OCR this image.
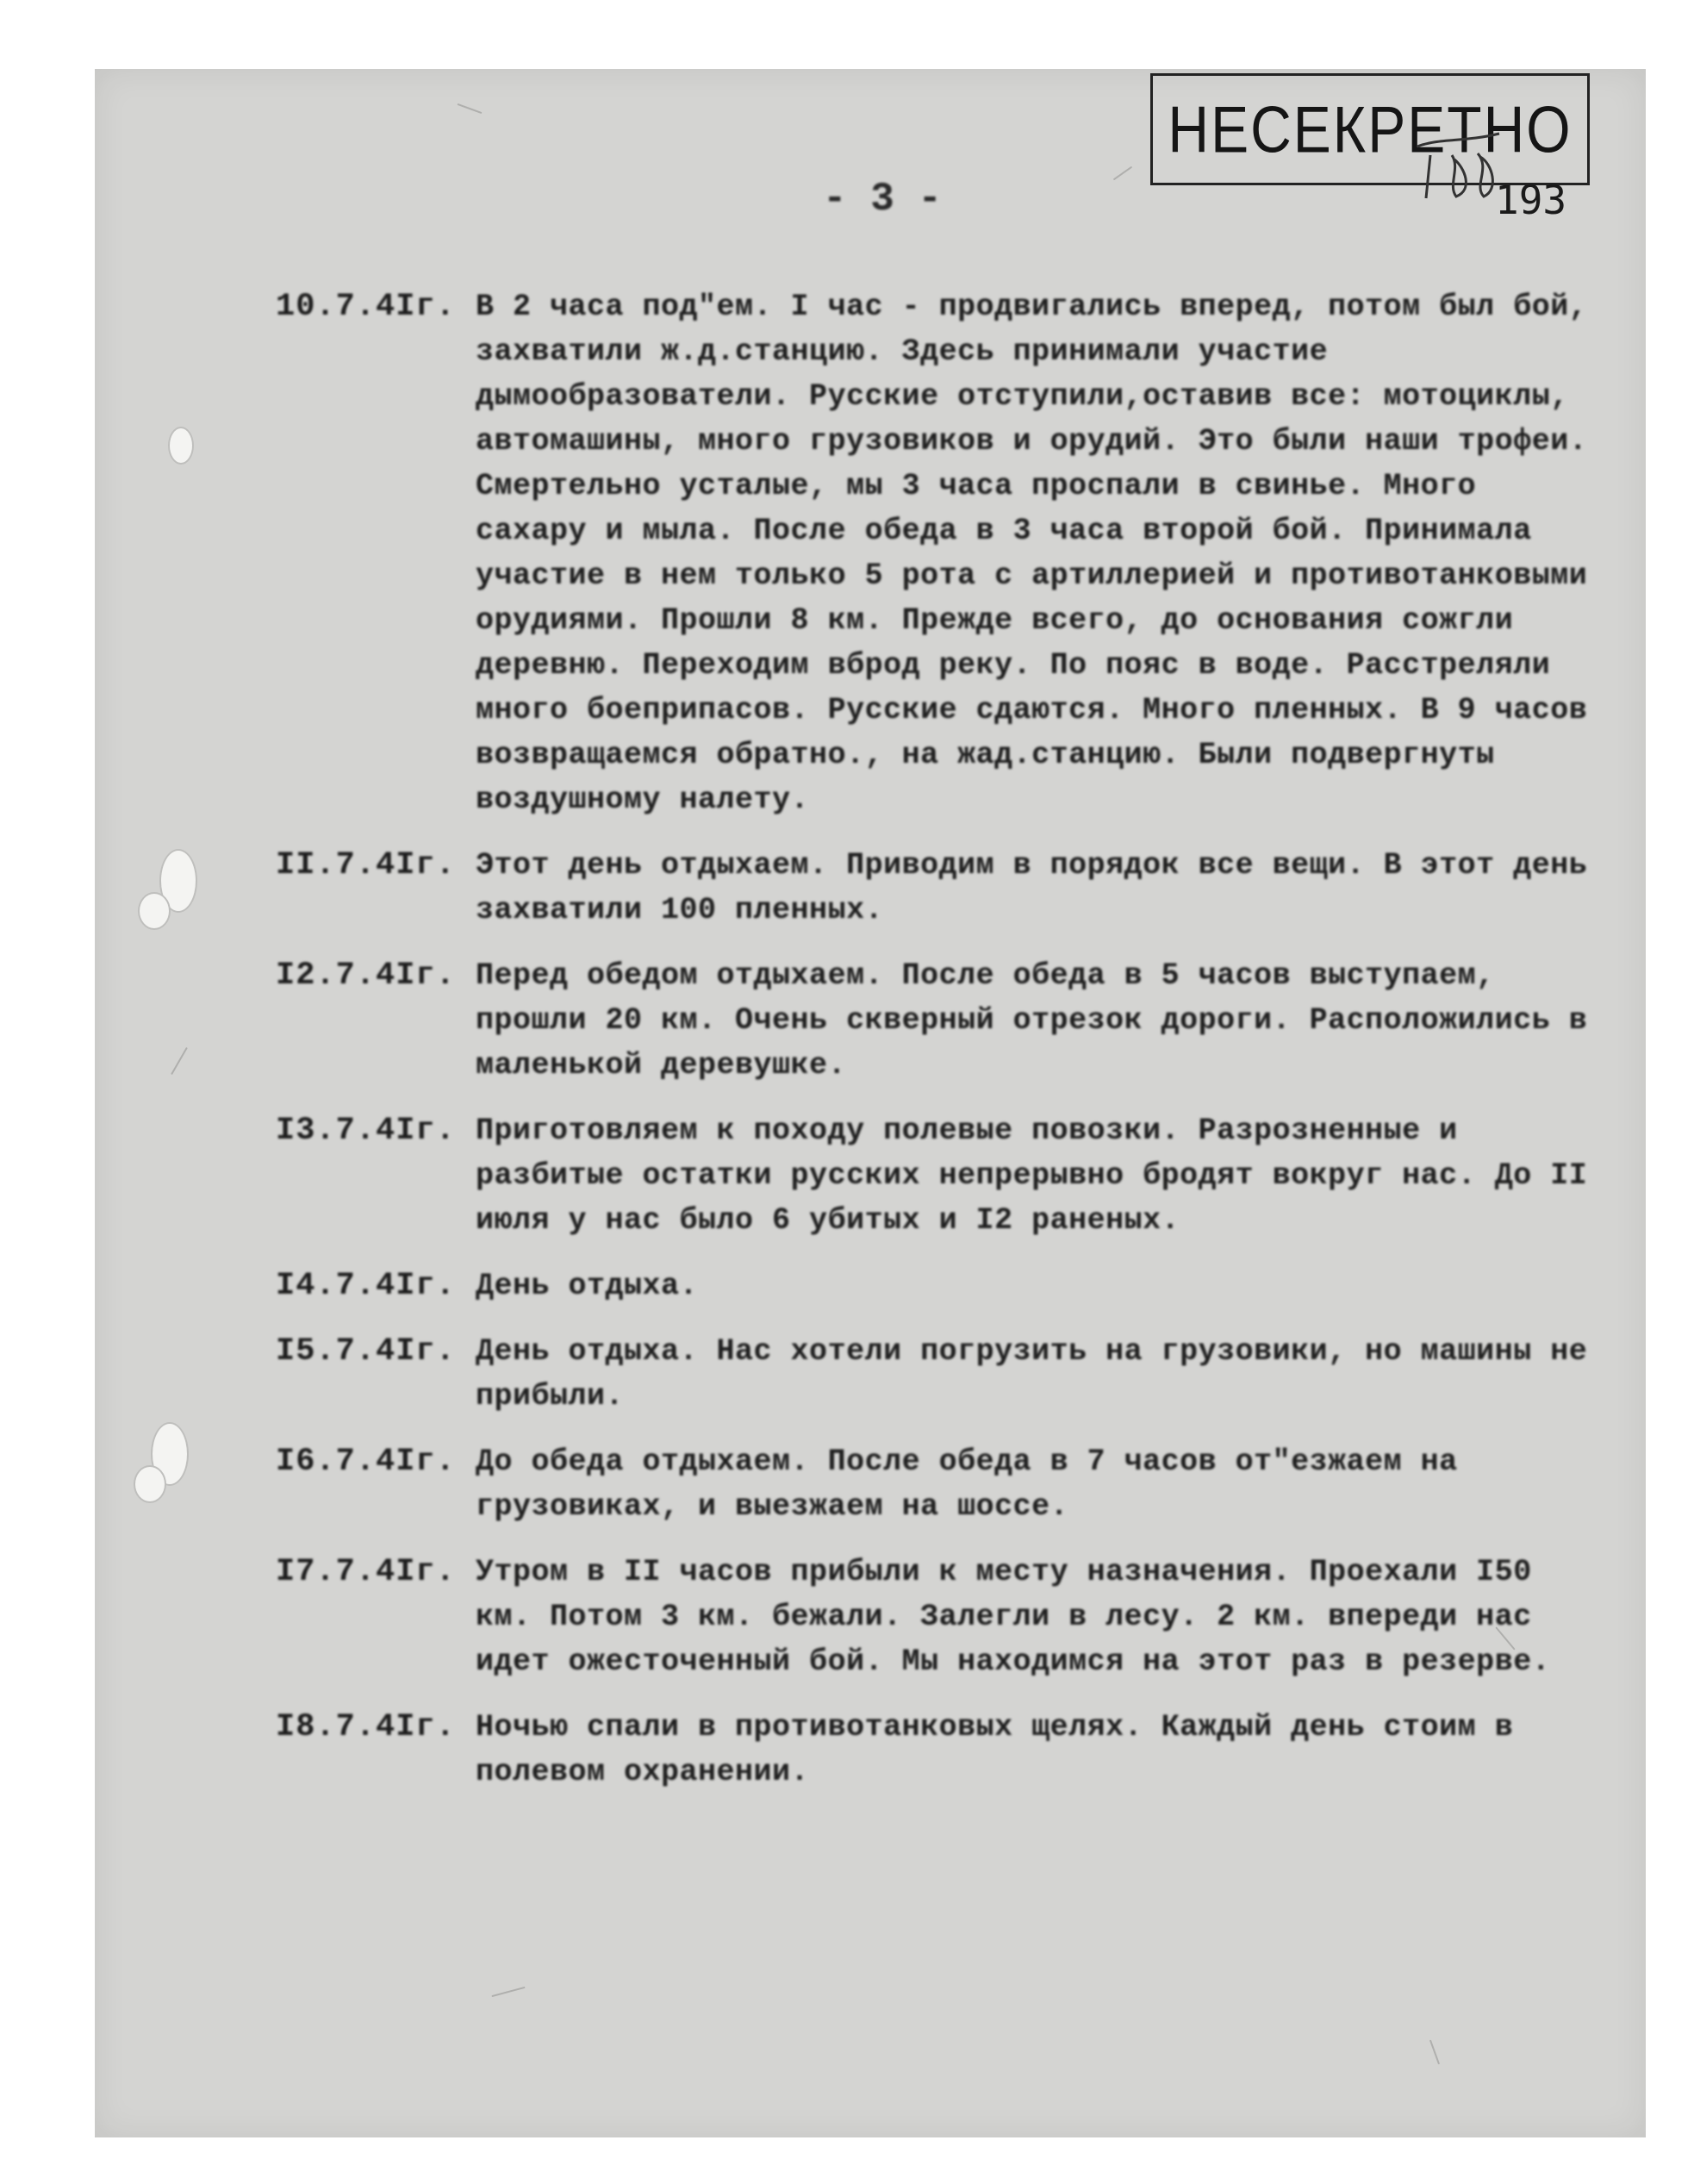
НЕСЕКРЕТНО
193
- 3 -
10.7.4Iг. В 2 часа под"ем. I час - продвигались вперед, потом был бой, захватили ж.д.станцию. Здесь принимали участие дымообразователи. Русские отступили,оставив все: мотоциклы, автомашины, много грузовиков и орудий. Это были наши трофеи. Смертельно усталые, мы 3 часа проспали в свинье. Много сахару и мыла. После обеда в 3 часа второй бой. Принимала участие в нем только 5 рота с артиллерией и противотанковыми орудиями. Прошли 8 км. Прежде всего, до основания сожгли деревню. Переходим вброд реку. По пояс в воде. Расстреляли много боеприпасов. Русские сдаются. Много пленных. В 9 часов возвращаемся обратно., на жад.станцию. Были подвергнуты воздушному налету.
II.7.4Iг. Этот день отдыхаем. Приводим в порядок все вещи. В этот день захватили 100 пленных.
I2.7.4Iг. Перед обедом отдыхаем. После обеда в 5 часов выступаем, прошли 20 км. Очень скверный отрезок дороги. Расположились в маленькой деревушке.
I3.7.4Iг. Приготовляем к походу полевые повозки. Разрозненные и разбитые остатки русских непрерывно бродят вокруг нас. До II июля у нас было 6 убитых и I2 раненых.
I4.7.4Iг. День отдыха.
I5.7.4Iг. День отдыха. Нас хотели погрузить на грузовики, но машины не прибыли.
I6.7.4Iг. До обеда отдыхаем. После обеда в 7 часов от"езжаем на грузовиках, и выезжаем на шоссе.
I7.7.4Iг. Утром в II часов прибыли к месту назначения. Проехали I50 км. Потом 3 км. бежали. Залегли в лесу. 2 км. впереди нас идет ожесточенный бой. Мы находимся на этот раз в резерве.
I8.7.4Iг. Ночью спали в противотанковых щелях. Каждый день стоим в полевом охранении.
